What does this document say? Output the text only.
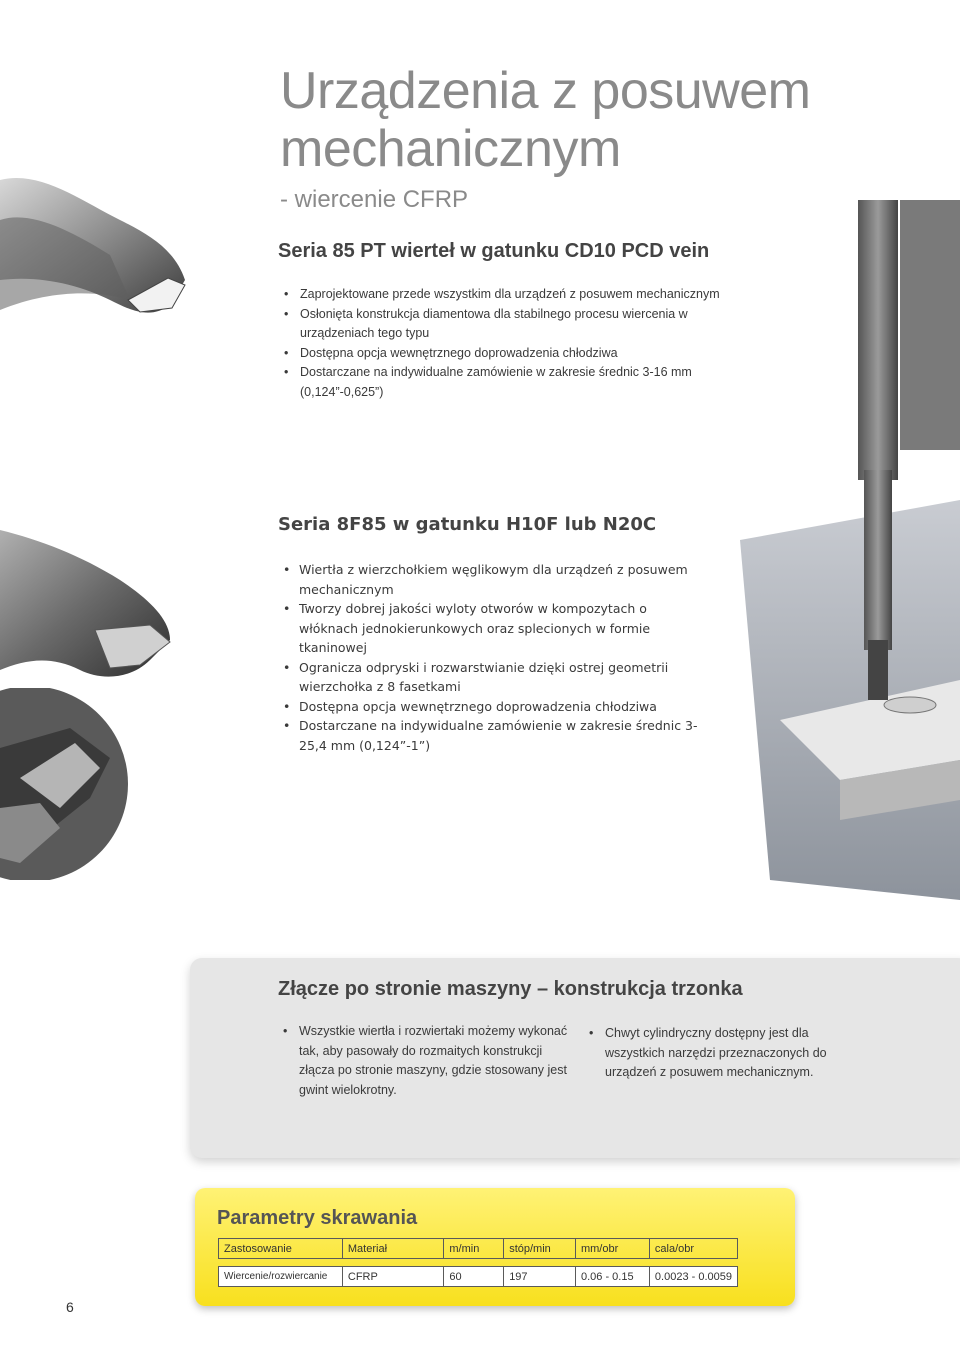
Urządzenia z posuwem mechanicznym
- wiercenie CFRP
Seria 85 PT wierteł w gatunku CD10 PCD vein
• Zaprojektowane przede wszystkim dla urządzeń z posuwem mechanicznym
• Osłonięta konstrukcja diamentowa dla stabilnego procesu wiercenia w urządzeniach tego typu
• Dostępna opcja wewnętrznego doprowadzenia chłodziwa
• Dostarczane na indywidualne zamówienie w zakresie średnic 3-16 mm (0,124”-0,625”)
Seria 8F85 w gatunku H10F lub N20C
• Wiertła z wierzchołkiem węglikowym dla urządzeń z posuwem mechanicznym
• Tworzy dobrej jakości wyloty otworów w kompozytach o włóknach jednokierunkowych oraz splecionych w formie tkaninowej
• Ogranicza odpryski i rozwarstwianie dzięki ostrej geometrii wierzchołka z 8 fasetkami
• Dostępna opcja wewnętrznego doprowadzenia chłodziwa
• Dostarczane na indywidualne zamówienie w zakresie średnic 3-25,4 mm (0,124”-1”)
Złącze po stronie maszyny – konstrukcja trzonka
• Wszystkie wiertła i rozwiertaki możemy wykonać tak, aby pasowały do rozmaitych konstrukcji złącza po stronie maszyny, gdzie stosowany jest gwint wielokrotny.
• Chwyt cylindryczny dostępny jest dla wszystkich narzędzi przeznaczonych do urządzeń z posuwem mechanicznym.
Parametry skrawania
Zastosowanie	Materiał	m/min	stóp/min	mm/obr	cala/obr

Wiercenie/rozwiercanie	CFRP	60	197	0.06 - 0.15	0.0023 - 0.0059
6
